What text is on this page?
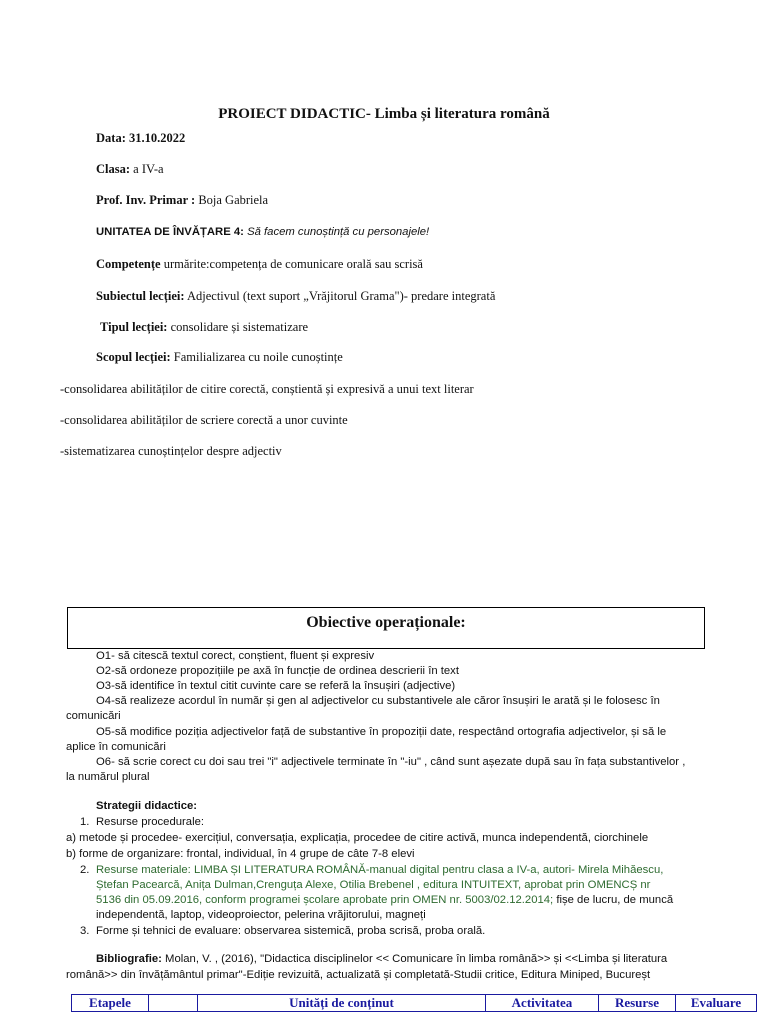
PROIECT DIDACTIC- Limba și literatura română
Data: 31.10.2022
Clasa: a IV-a
Prof. Inv. Primar : Boja Gabriela
UNITATEA DE ÎNVĂȚARE 4: Să facem cunoștință cu personajele!
Competențe urmărite:competența de comunicare orală sau scrisă
Subiectul lecției: Adjectivul (text suport „Vrăjitorul Grama")- predare integrată
Tipul lecției: consolidare și sistematizare
Scopul lecției: Familializarea cu noile cunoștințe
-consolidarea abilităților de citire corectă, conștientă și expresivă a unui text literar
-consolidarea abilităților de scriere corectă a unor cuvinte
-sistematizarea cunoștințelor despre adjectiv
Obiective operaționale:
O1- să citescă textul corect, conștient, fluent și expresiv
O2-să ordoneze propozițiile pe axă în funcție de ordinea descrierii în text
O3-să identifice în textul citit cuvinte care se referă la însușiri (adjective)
O4-să realizeze acordul în număr și gen al adjectivelor cu substantivele ale căror însușiri le arată și le folosesc în
comunicări
O5-să modifice poziția adjectivelor față de substantive în propoziții date, respectând ortografia adjectivelor, și să le
aplice în comunicări
O6- să scrie corect cu doi sau trei "i" adjectivele terminate în "-iu" , când sunt așezate după sau în fața substantivelor ,
la numărul plural
Strategii didactice:
1. Resurse procedurale:
a) metode și procedee- exercițiul, conversația, explicația, procedee de citire activă, munca independentă, ciorchinele
b) forme de organizare: frontal, individual, în 4 grupe de câte 7-8 elevi
2. Resurse materiale: LIMBA ȘI LITERATURA ROMÂNĂ-manual digital pentru clasa a IV-a, autori- Mirela Mihăescu,
Ștefan Pacearcă, Anița Dulman,Crenguța Alexe, Otilia Brebenel , editura INTUITEXT, aprobat prin OMENCȘ nr
5136 din 05.09.2016, conform programei școlare aprobate prin OMEN nr. 5003/02.12.2014; fișe de lucru, de muncă
independentă, laptop, videoproiector, pelerina vrăjitorului, magneți
3. Forme și tehnici de evaluare: observarea sistemică, proba scrisă, proba orală.
Bibliografie: Molan, V. , (2016), "Didactica disciplinelor << Comunicare în limba română>> și <<Limba și literatura
română>> din învățământul primar"-Ediție revizuită, actualizată și completată-Studii critice, Editura Miniped, Bucureșt
Etapele		Unități de conținut	Activitatea	Resurse	Evaluare
